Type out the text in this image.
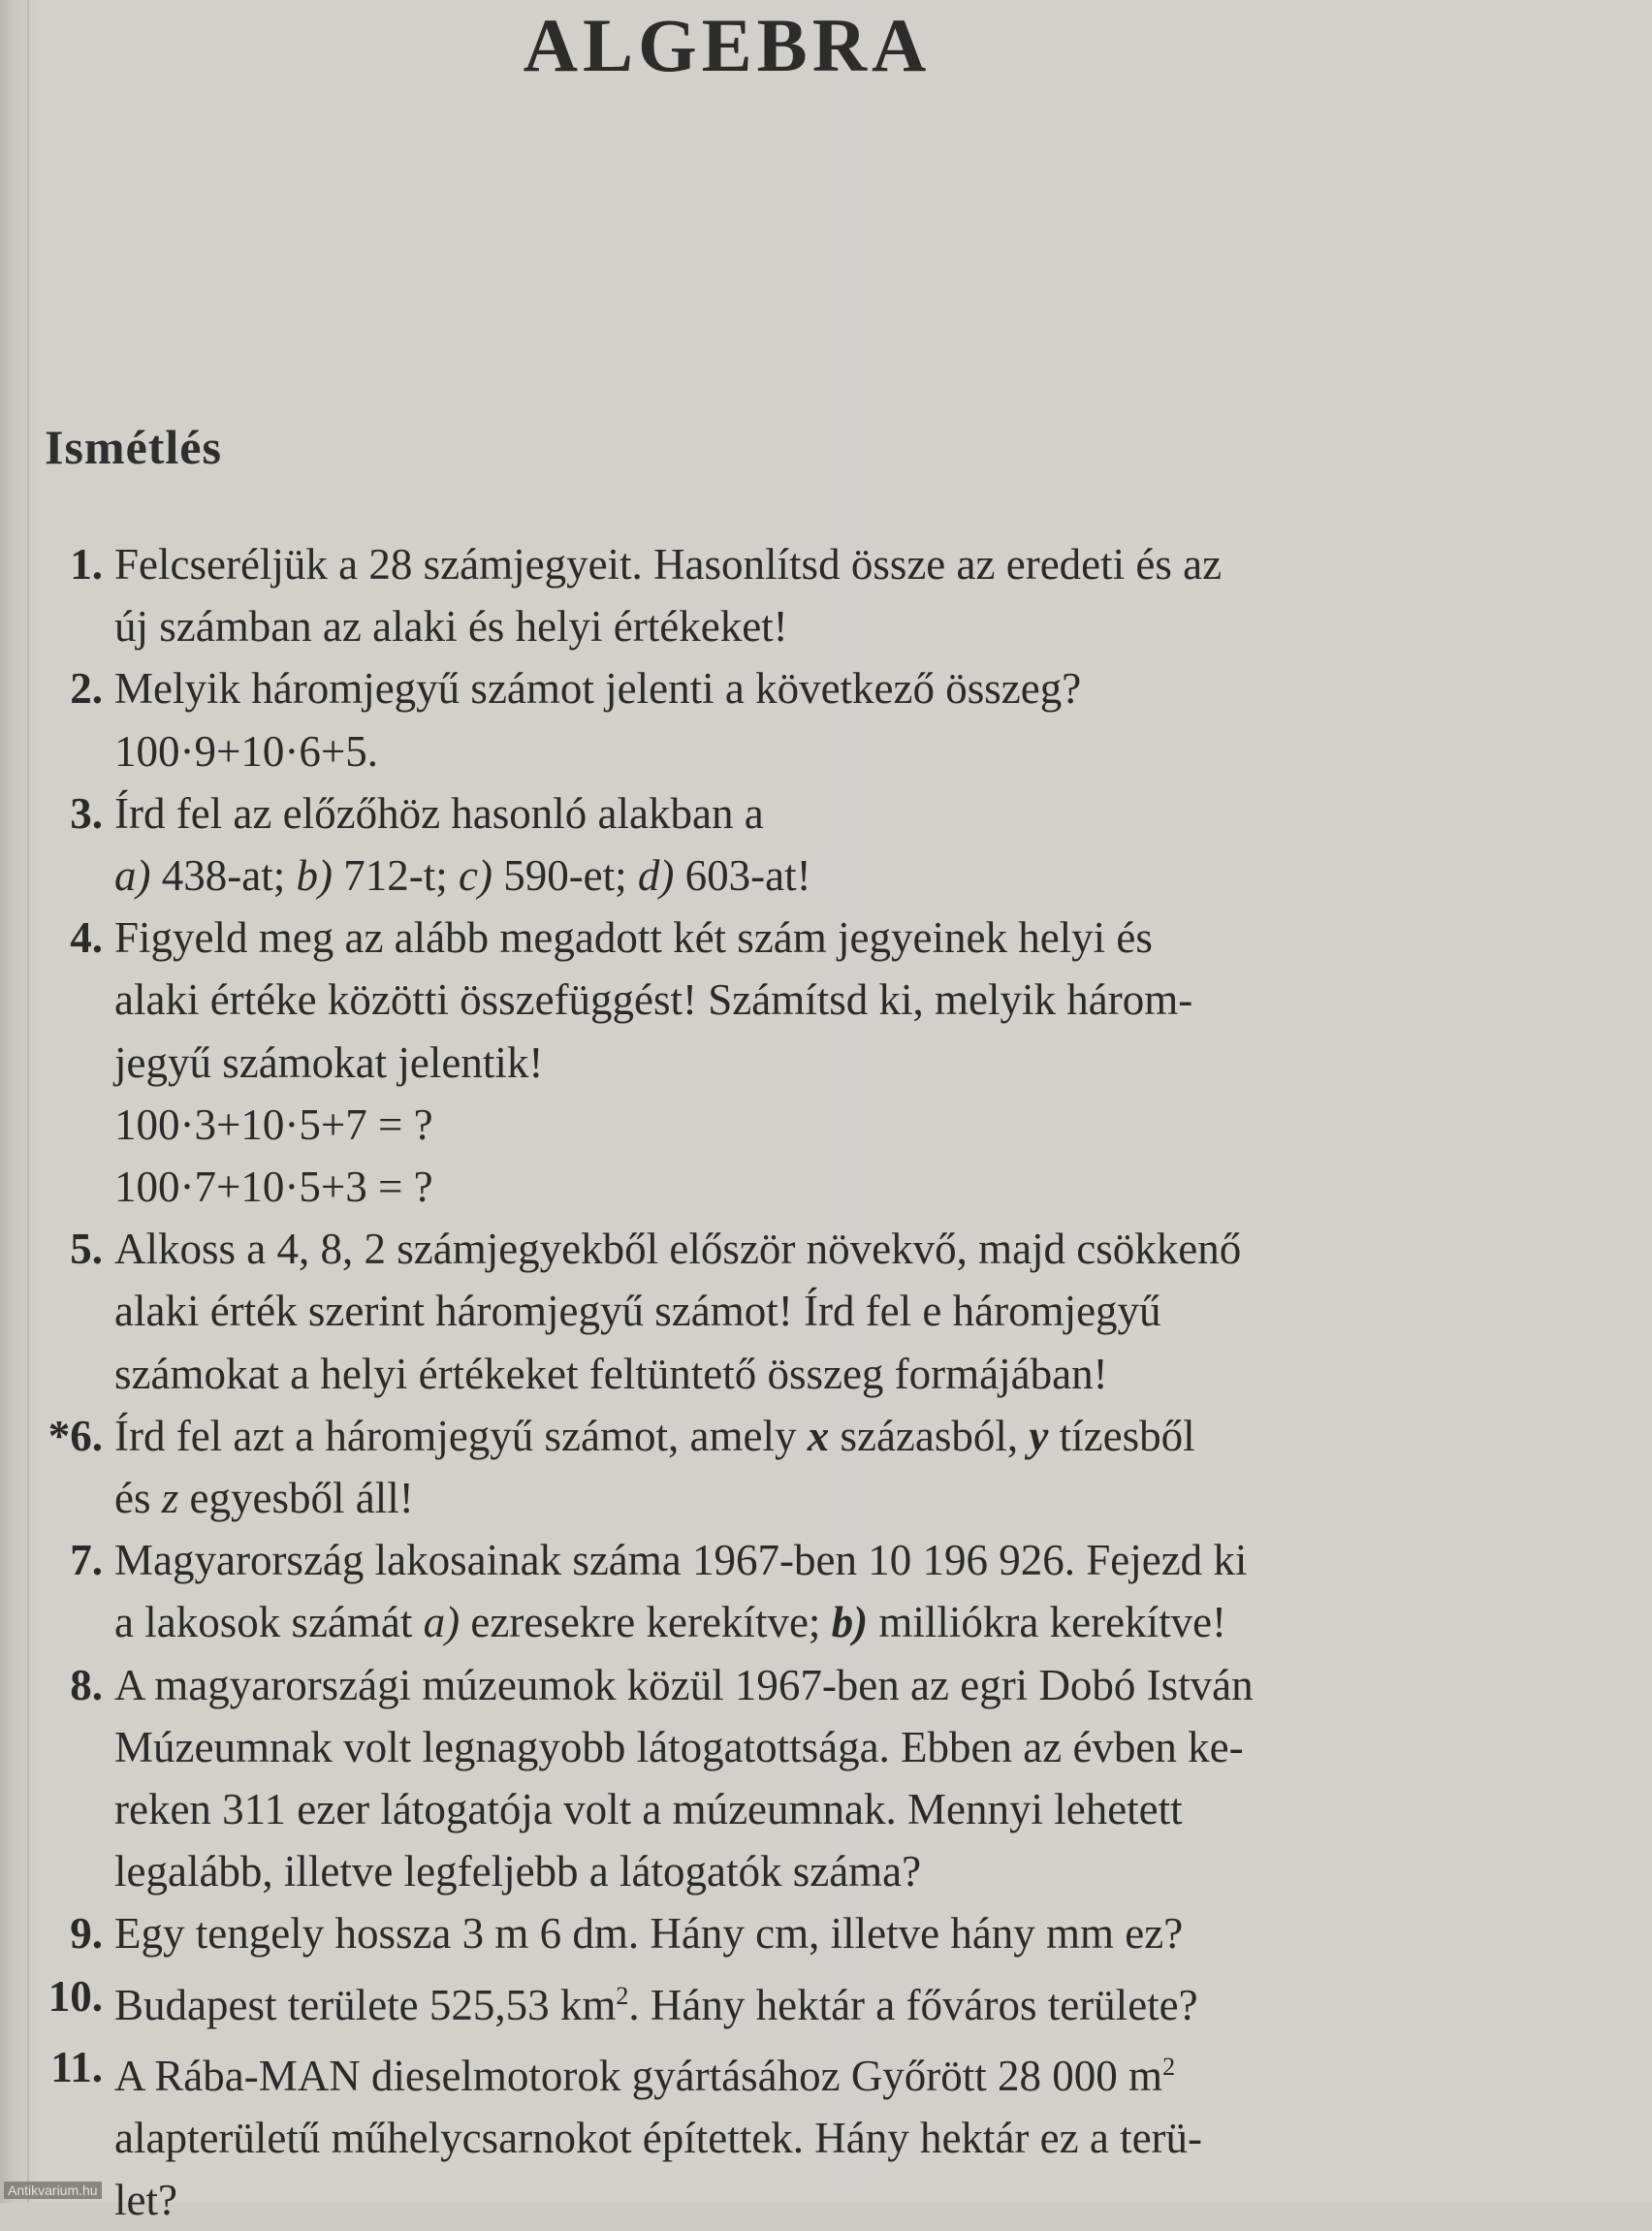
ALGEBRA
Ismétlés
1. Felcseréljük a 28 számjegyeit. Hasonlítsd össze az eredeti és az
új számban az alaki és helyi értékeket!
2. Melyik háromjegyű számot jelenti a következő összeg?
100·9+10·6+5.
3. Írd fel az előzőhöz hasonló alakban a
a) 438-at; b) 712-t; c) 590-et; d) 603-at!
4. Figyeld meg az alább megadott két szám jegyeinek helyi és
alaki értéke közötti összefüggést! Számítsd ki, melyik három-
jegyű számokat jelentik!
100·3+10·5+7 = ?
100·7+10·5+3 = ?
5. Alkoss a 4, 8, 2 számjegyekből először növekvő, majd csökkenő
alaki érték szerint háromjegyű számot! Írd fel e háromjegyű
számokat a helyi értékeket feltüntető összeg formájában!
*6. Írd fel azt a háromjegyű számot, amely x százasból, y tízesből
és z egyesből áll!
7. Magyarország lakosainak száma 1967-ben 10 196 926. Fejezd ki
a lakosok számát a) ezresekre kerekítve; b) milliókra kerekítve!
8. A magyarországi múzeumok közül 1967-ben az egri Dobó István
Múzeumnak volt legnagyobb látogatottsága. Ebben az évben ke-
reken 311 ezer látogatója volt a múzeumnak. Mennyi lehetett
legalább, illetve legfeljebb a látogatók száma?
9. Egy tengely hossza 3 m 6 dm. Hány cm, illetve hány mm ez?
10. Budapest területe 525,53 $km^2$. Hány hektár a főváros területe?
11. A Rába-MAN dieselmotorok gyártásához Győrött 28 000 $m^2$
alapterületű műhelycsarnokot építettek. Hány hektár ez a terü-
let?
Antikvarium.hu
